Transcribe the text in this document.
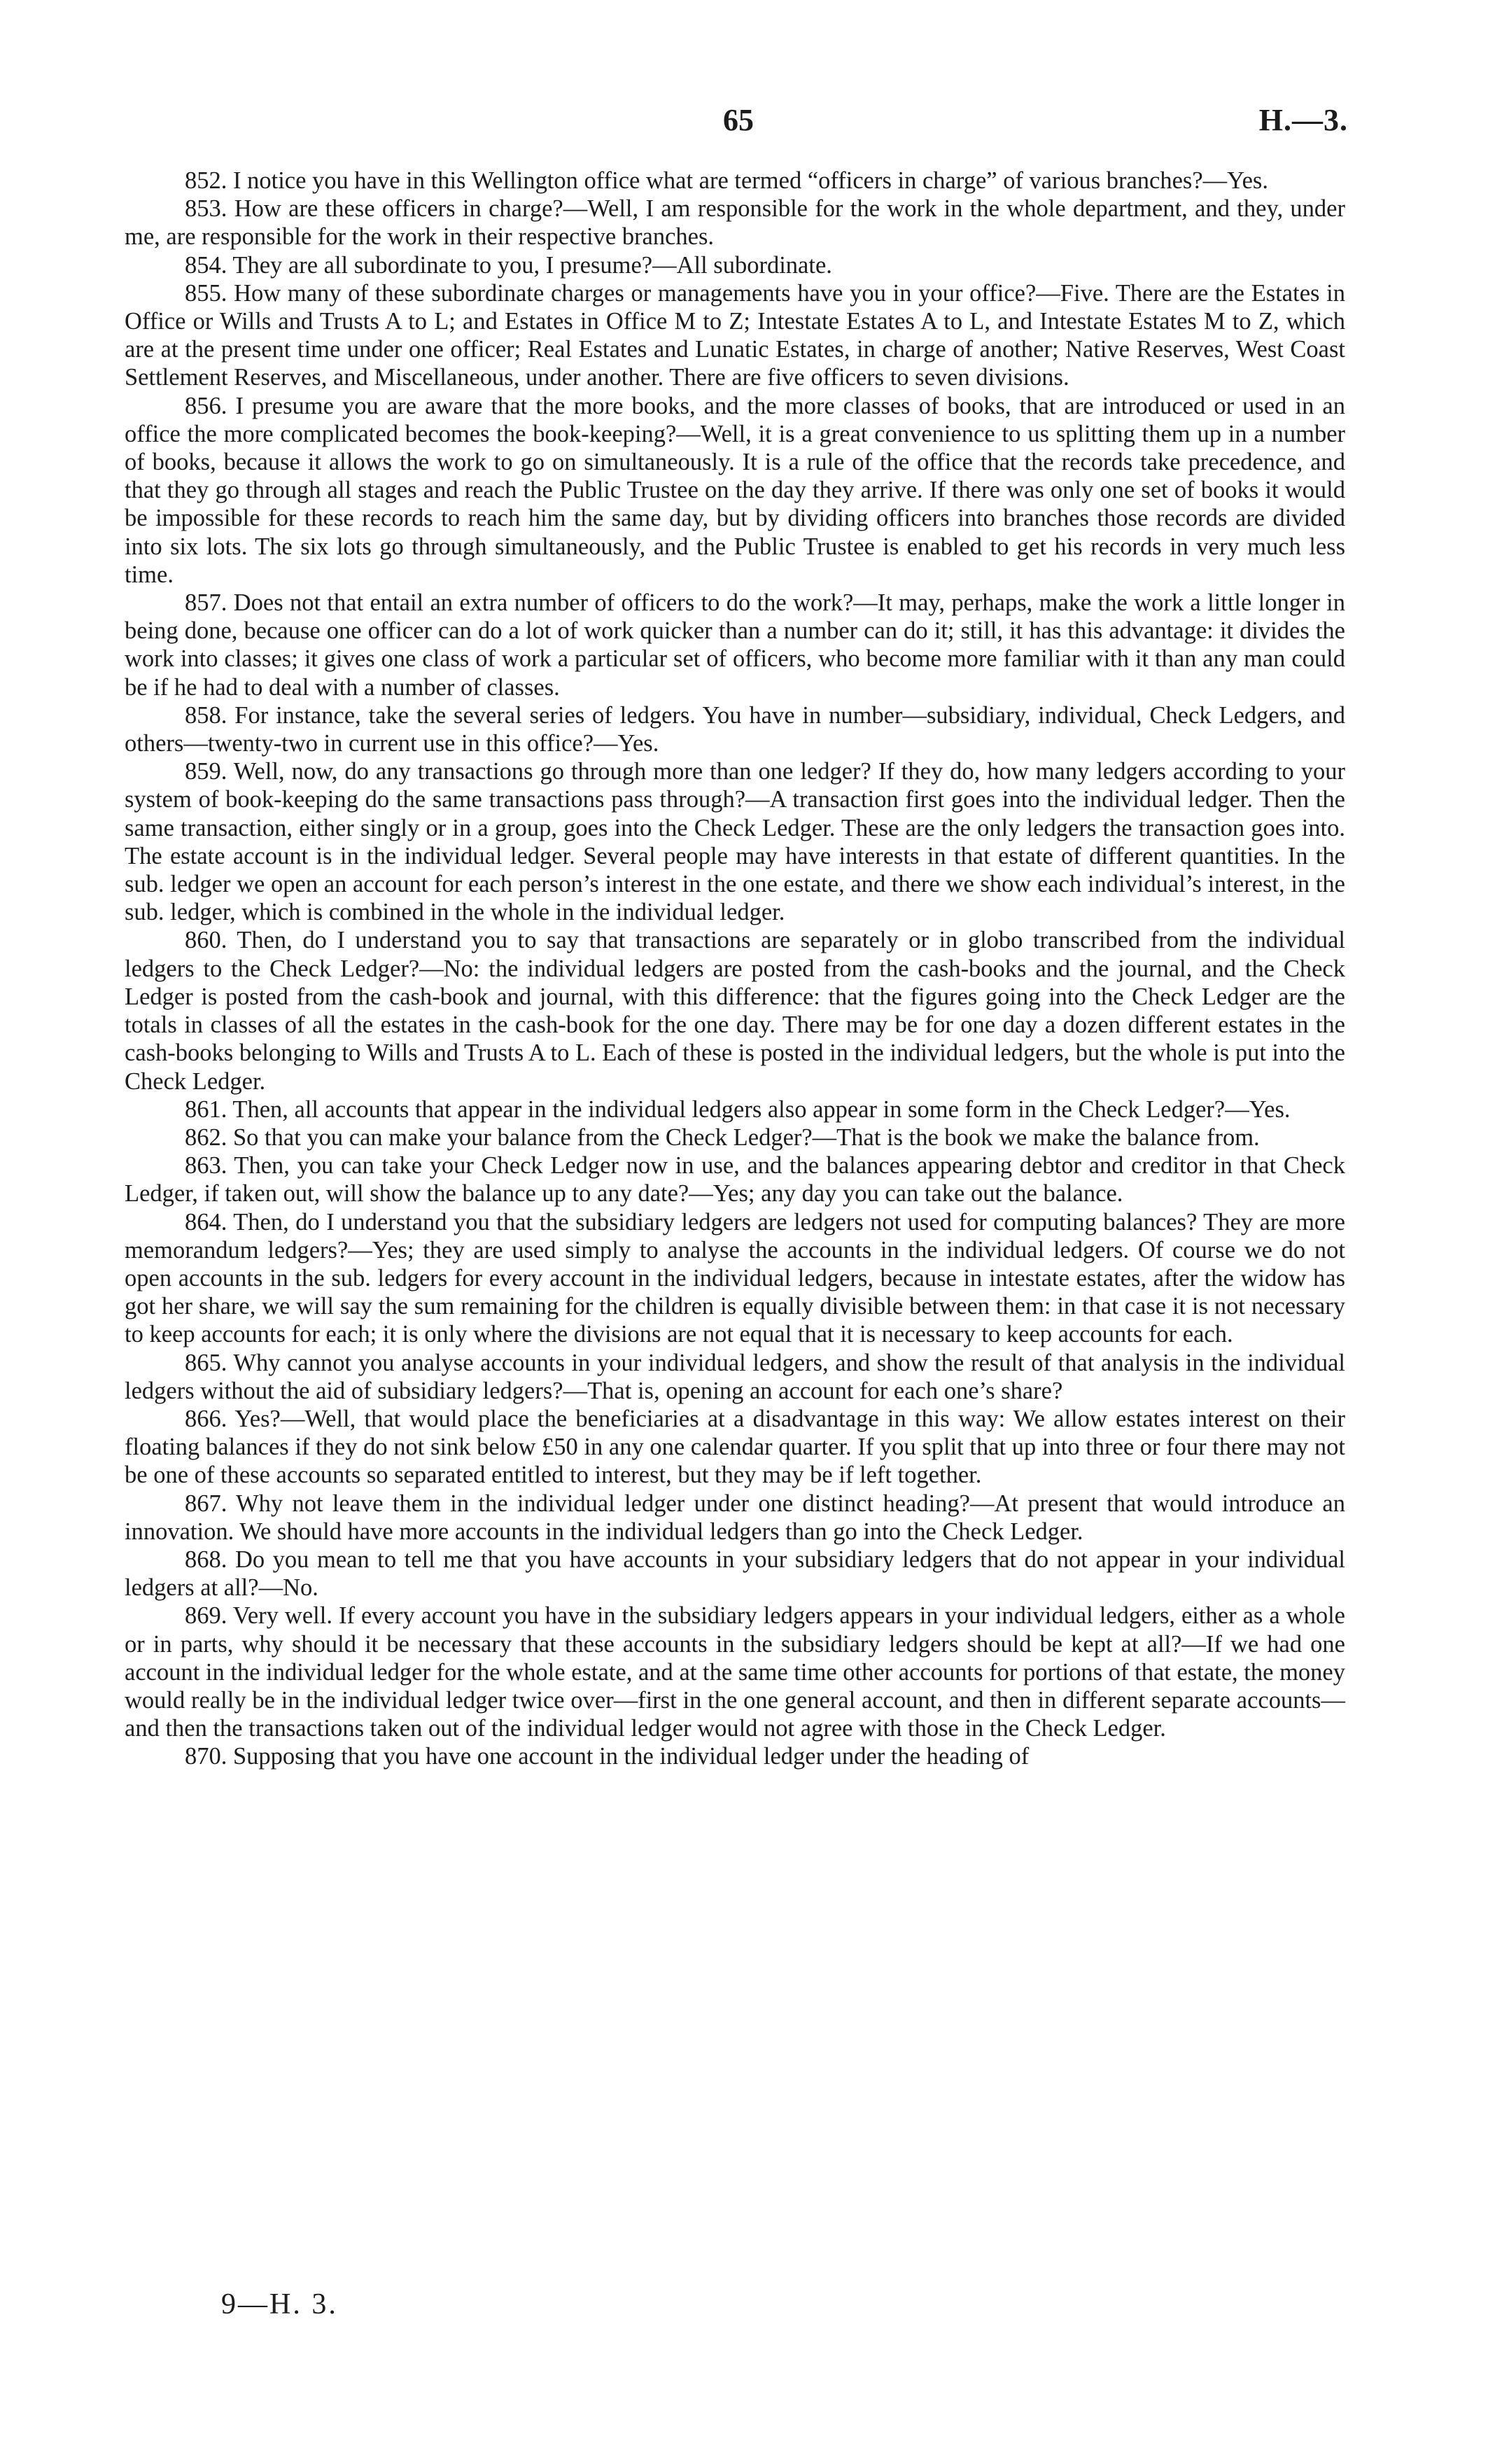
65	H.—3.

852. I notice you have in this Wellington office what are termed “officers in charge” of various branches?—Yes.

853. How are these officers in charge?—Well, I am responsible for the work in the whole department, and they, under me, are responsible for the work in their respective branches.

854. They are all subordinate to you, I presume?—All subordinate.

855. How many of these subordinate charges or managements have you in your office?—Five. There are the Estates in Office or Wills and Trusts A to L; and Estates in Office M to Z; Intestate Estates A to L, and Intestate Estates M to Z, which are at the present time under one officer; Real Estates and Lunatic Estates, in charge of another; Native Reserves, West Coast Settlement Reserves, and Miscellaneous, under another. There are five officers to seven divisions.

856. I presume you are aware that the more books, and the more classes of books, that are introduced or used in an office the more complicated becomes the book-keeping?—Well, it is a great convenience to us splitting them up in a number of books, because it allows the work to go on simultaneously. It is a rule of the office that the records take precedence, and that they go through all stages and reach the Public Trustee on the day they arrive. If there was only one set of books it would be impossible for these records to reach him the same day, but by dividing officers into branches those records are divided into six lots. The six lots go through simultaneously, and the Public Trustee is enabled to get his records in very much less time.

857. Does not that entail an extra number of officers to do the work?—It may, perhaps, make the work a little longer in being done, because one officer can do a lot of work quicker than a number can do it; still, it has this advantage: it divides the work into classes; it gives one class of work a particular set of officers, who become more familiar with it than any man could be if he had to deal with a number of classes.

858. For instance, take the several series of ledgers. You have in number—subsidiary, individual, Check Ledgers, and others—twenty-two in current use in this office?—Yes.

859. Well, now, do any transactions go through more than one ledger? If they do, how many ledgers according to your system of book-keeping do the same transactions pass through?—A transaction first goes into the individual ledger. Then the same transaction, either singly or in a group, goes into the Check Ledger. These are the only ledgers the transaction goes into. The estate account is in the individual ledger. Several people may have interests in that estate of different quantities. In the sub. ledger we open an account for each person’s interest in the one estate, and there we show each individual’s interest, in the sub. ledger, which is combined in the whole in the individual ledger.

860. Then, do I understand you to say that transactions are separately or in globo transcribed from the individual ledgers to the Check Ledger?—No: the individual ledgers are posted from the cash-books and the journal, and the Check Ledger is posted from the cash-book and journal, with this difference: that the figures going into the Check Ledger are the totals in classes of all the estates in the cash-book for the one day. There may be for one day a dozen different estates in the cash-books belonging to Wills and Trusts A to L. Each of these is posted in the individual ledgers, but the whole is put into the Check Ledger.

861. Then, all accounts that appear in the individual ledgers also appear in some form in the Check Ledger?—Yes.

862. So that you can make your balance from the Check Ledger?—That is the book we make the balance from.

863. Then, you can take your Check Ledger now in use, and the balances appearing debtor and creditor in that Check Ledger, if taken out, will show the balance up to any date?—Yes; any day you can take out the balance.

864. Then, do I understand you that the subsidiary ledgers are ledgers not used for computing balances? They are more memorandum ledgers?—Yes; they are used simply to analyse the accounts in the individual ledgers. Of course we do not open accounts in the sub. ledgers for every account in the individual ledgers, because in intestate estates, after the widow has got her share, we will say the sum remaining for the children is equally divisible between them: in that case it is not necessary to keep accounts for each; it is only where the divisions are not equal that it is necessary to keep accounts for each.

865. Why cannot you analyse accounts in your individual ledgers, and show the result of that analysis in the individual ledgers without the aid of subsidiary ledgers?—That is, opening an account for each one’s share?

866. Yes?—Well, that would place the beneficiaries at a disadvantage in this way: We allow estates interest on their floating balances if they do not sink below £50 in any one calendar quarter. If you split that up into three or four there may not be one of these accounts so separated entitled to interest, but they may be if left together.

867. Why not leave them in the individual ledger under one distinct heading?—At present that would introduce an innovation. We should have more accounts in the individual ledgers than go into the Check Ledger.

868. Do you mean to tell me that you have accounts in your subsidiary ledgers that do not appear in your individual ledgers at all?—No.

869. Very well. If every account you have in the subsidiary ledgers appears in your individual ledgers, either as a whole or in parts, why should it be necessary that these accounts in the subsidiary ledgers should be kept at all?—If we had one account in the individual ledger for the whole estate, and at the same time other accounts for portions of that estate, the money would really be in the individual ledger twice over—first in the one general account, and then in different separate accounts—and then the transactions taken out of the individual ledger would not agree with those in the Check Ledger.

870. Supposing that you have one account in the individual ledger under the heading of

9—H. 3.
